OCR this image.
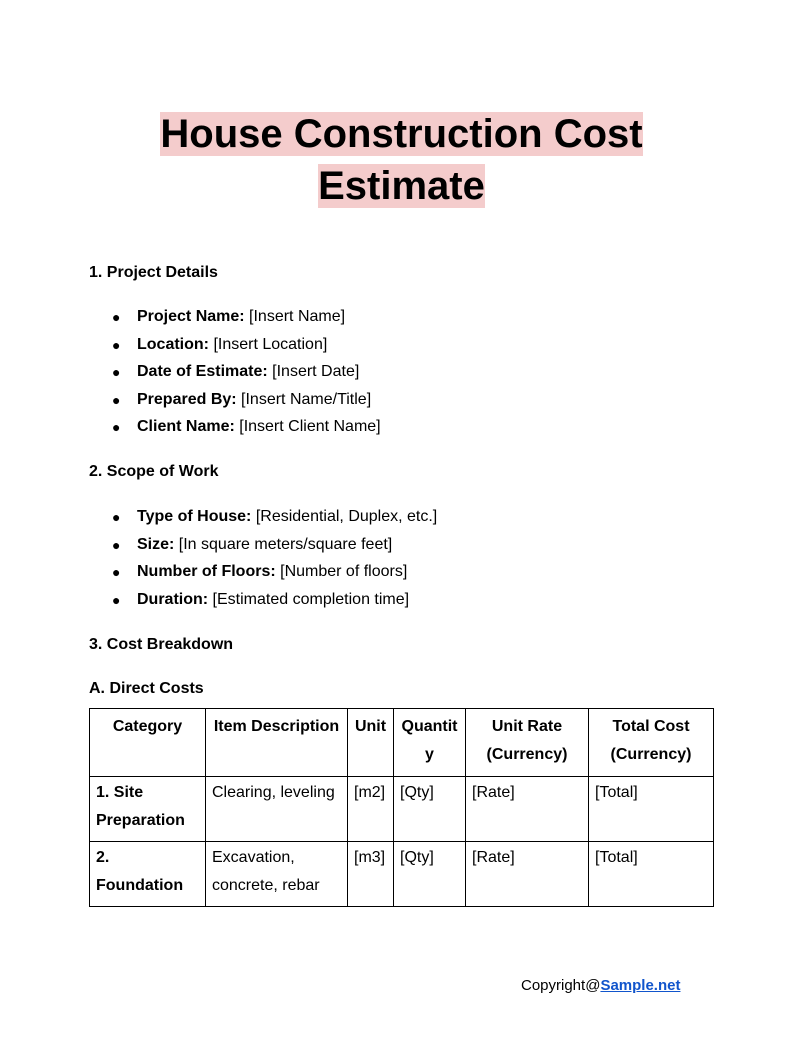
House Construction Cost
Estimate
1. Project Details
● Project Name: [Insert Name]
● Location: [Insert Location]
● Date of Estimate: [Insert Date]
● Prepared By: [Insert Name/Title]
● Client Name: [Insert Client Name]
2. Scope of Work
● Type of House: [Residential, Duplex, etc.]
● Size: [In square meters/square feet]
● Number of Floors: [Number of floors]
● Duration: [Estimated completion time]
3. Cost Breakdown
A. Direct Costs
Category	Item Description	Unit	Quantity	Unit Rate (Currency)	Total Cost (Currency)
1. Site Preparation	Clearing, leveling	[m2]	[Qty]	[Rate]	[Total]
2. Foundation	Excavation, concrete, rebar	[m3]	[Qty]	[Rate]	[Total]
Copyright@Sample.net
